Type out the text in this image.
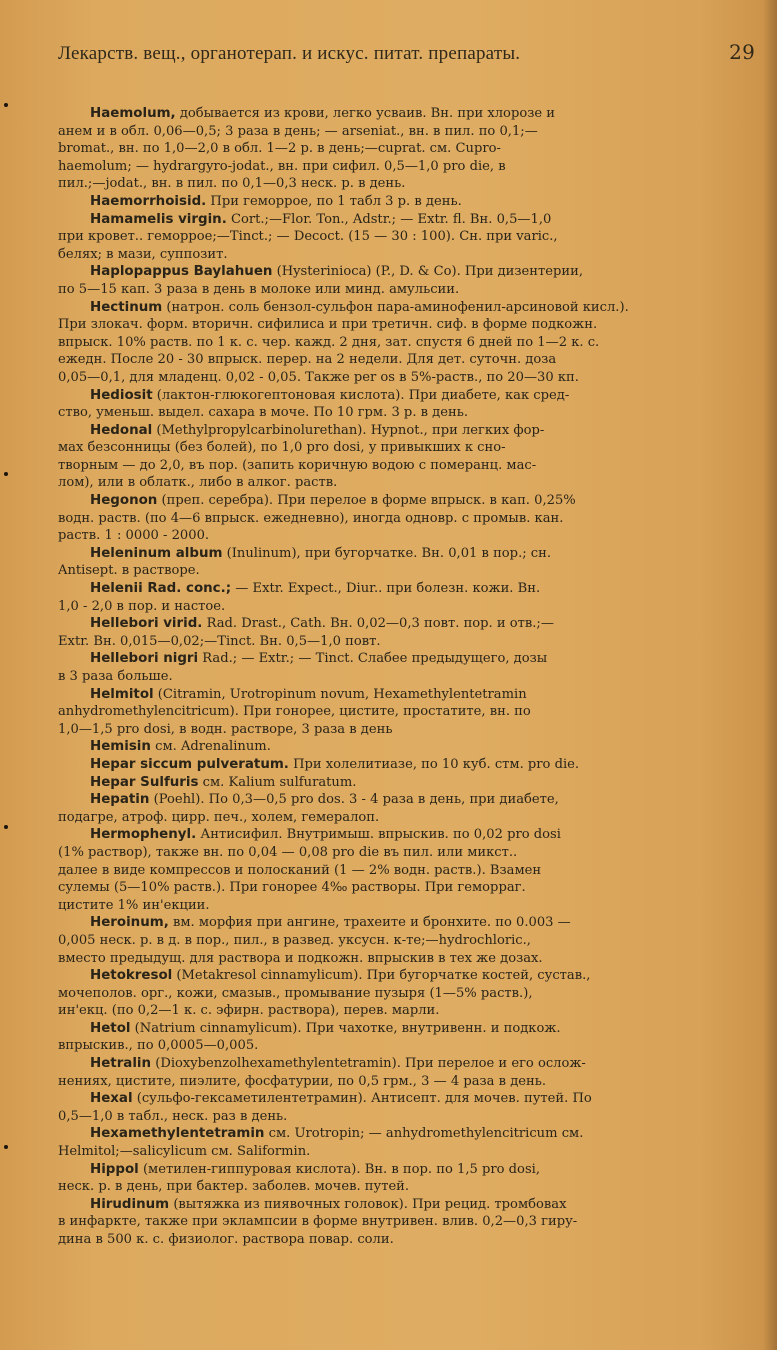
Лекарств. вещ., органотерап. и искус. питат. препараты.	29
Haemolum, добывается из крови, легко усваив. Вн. при хлорозе и
анем и в обл. 0,06—0,5; 3 раза в день; — arseniat., вн. в пил. по 0,1;—
bromat., вн. по 1,0—2,0 в обл. 1—2 р. в день;—cuprat. см. Cupro-
haemolum; — hydrargyro-jodat., вн. при сифил. 0,5—1,0 pro die, в
пил.;—jodat., вн. в пил. по 0,1—0,3 неск. р. в день.
Haemorrhoisid. При геморрое, по 1 табл 3 р. в день.
Hamamelis virgin. Cort.;—Flor. Ton., Adstr.; — Extr. fl. Вн. 0,5—1,0
при кровет.. геморрое;—Tinct.; — Decoct. (15 — 30 : 100). Сн. при varic.,
белях; в мази, суппозит.
Haplopappus Baylahuen (Hysterinioca) (P., D. & Co). При дизентерии,
по 5—15 кап. 3 раза в день в молоке или минд. амульсии.
Hectinum (натрон. соль бензол-сульфон пара-аминофенил-арсиновой кисл.).
При злокач. форм. вторичн. сифилиса и при третичн. сиф. в форме подкожн.
впрыск. 10% раств. по 1 к. с. чер. кажд. 2 дня, зат. спустя 6 дней по 1—2 к. с.
ежедн. После 20 - 30 впрыск. перер. на 2 недели. Для дет. суточн. доза
0,05—0,1, для младенц. 0,02 - 0,05. Также per os в 5%-раств., по 20—30 кп.
Hediosit (лактон-глюкогептоновая кислота). При диабете, как сред-
ство, уменьш. выдел. сахара в моче. По 10 грм. 3 р. в день.
Hedonal (Methylpropylcarbinolurethan). Hypnot., при легких фор-
мах безсонницы (без болей), по 1,0 pro dosi, у привыкших к сно-
творным — до 2,0, въ пор. (запить коричную водою с померанц. мас-
лом), или в облатк., либо в алког. раств.
Hegonon (преп. серебра). При перелое в форме впрыск. в кап. 0,25%
водн. раств. (по 4—6 впрыск. ежедневно), иногда одновр. с промыв. кан.
раств. 1 : 0000 - 2000.
Heleninum album (Inulinum), при бугорчатке. Вн. 0,01 в пор.; сн.
Antisept. в растворе.
Helenii Rad. conc.; — Extr. Expect., Diur.. при болезн. кожи. Вн.
1,0 - 2,0 в пор. и настое.
Hellebori virid. Rad. Drast., Cath. Вн. 0,02—0,3 повт. пор. и отв.;—
Extr. Вн. 0,015—0,02;—Tinct. Вн. 0,5—1,0 повт.
Hellebori nigri Rad.; — Extr.; — Tinct. Слабее предыдущего, дозы
в 3 раза больше.
Helmitol (Citramin, Urotropinum novum, Hexamethylentetramin
anhydromethylencitricum). При гонорее, цистите, простатите, вн. по
1,0—1,5 pro dosi, в водн. растворе, 3 раза в день
Hemisin см. Adrenalinum.
Hepar siccum pulveratum. При холелитиазе, по 10 куб. стм. pro die.
Hepar Sulfuris см. Kalium sulfuratum.
Hepatin (Poehl). По 0,3—0,5 pro dos. 3 - 4 раза в день, при диабете,
подагре, атроф. цирр. печ., холем, гемералоп.
Hermophenyl. Антисифил. Внутримыш. впрыскив. по 0,02 pro dosi
(1% раствор), также вн. по 0,04 — 0,08 pro die въ пил. или микст..
далее в виде компрессов и полосканий (1 — 2% водн. раств.). Взамен
сулемы (5—10% раств.). При гонорее 4‰ растворы. При геморраг.
цистите 1% ин'екции.
Heroinum, вм. морфия при ангине, трахеите и бронхите. по 0.003 —
0,005 неск. р. в д. в пор., пил., в развед. уксусн. к-те;—hydrochloric.,
вместо предыдущ. для раствора и подкожн. впрыскив в тех же дозах.
Hetokresol (Metakresol cinnamylicum). При бугорчатке костей, сустав.,
мочеполов. орг., кожи, смазыв., промывание пузыря (1—5% раств.),
ин'екц. (по 0,2—1 к. с. эфирн. раствора), перев. марли.
Hetol (Natrium cinnamylicum). При чахотке, внутривенн. и подкож.
впрыскив., по 0,0005—0,005.
Hetralin (Dioxybenzolhexamethylentetramin). При перелое и его ослож-
нениях, цистите, пиэлите, фосфатурии, по 0,5 грм., 3 — 4 раза в день.
Hexal (сульфо-гексаметилентетрамин). Антисепт. для мочев. путей. По
0,5—1,0 в табл., неск. раз в день.
Hexamethylentetramin см. Urotropin; — anhydromethylencitricum см.
Helmitol;—salicylicum см. Saliformin.
Hippol (метилен-гиппуровая кислота). Вн. в пор. по 1,5 pro dosi,
неск. р. в день, при бактер. заболев. мочев. путей.
Hirudinum (вытяжка из пиявочных головок). При рецид. тромбовах
в инфаркте, также при эклампсии в форме внутривен. влив. 0,2—0,3 гиру-
дина в 500 к. с. физиолог. раствора повар. соли.
